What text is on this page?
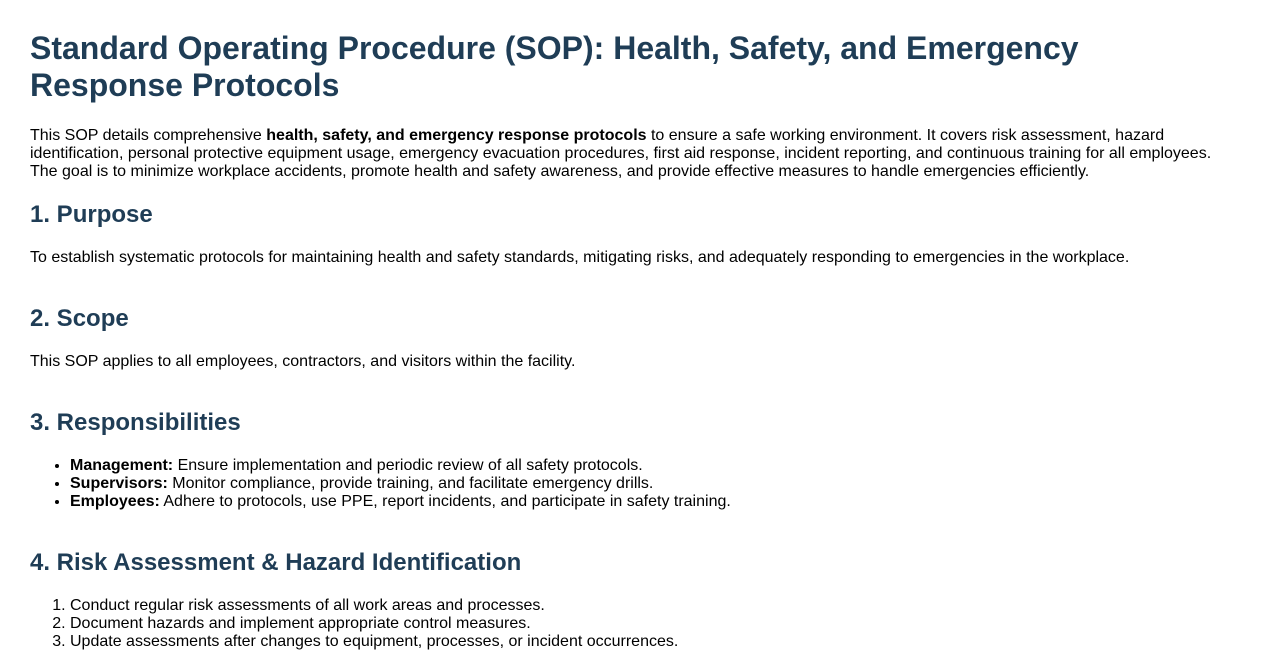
Standard Operating Procedure (SOP): Health, Safety, and Emergency Response Protocols

This SOP details comprehensive health, safety, and emergency response protocols to ensure a safe working environment. It covers risk assessment, hazard identification, personal protective equipment usage, emergency evacuation procedures, first aid response, incident reporting, and continuous training for all employees. The goal is to minimize workplace accidents, promote health and safety awareness, and provide effective measures to handle emergencies efficiently.

1. Purpose

To establish systematic protocols for maintaining health and safety standards, mitigating risks, and adequately responding to emergencies in the workplace.

2. Scope

This SOP applies to all employees, contractors, and visitors within the facility.

3. Responsibilities
• Management: Ensure implementation and periodic review of all safety protocols.
• Supervisors: Monitor compliance, provide training, and facilitate emergency drills.
• Employees: Adhere to protocols, use PPE, report incidents, and participate in safety training.
4. Risk Assessment & Hazard Identification
1. Conduct regular risk assessments of all work areas and processes.
2. Document hazards and implement appropriate control measures.
3. Update assessments after changes to equipment, processes, or incident occurrences.
